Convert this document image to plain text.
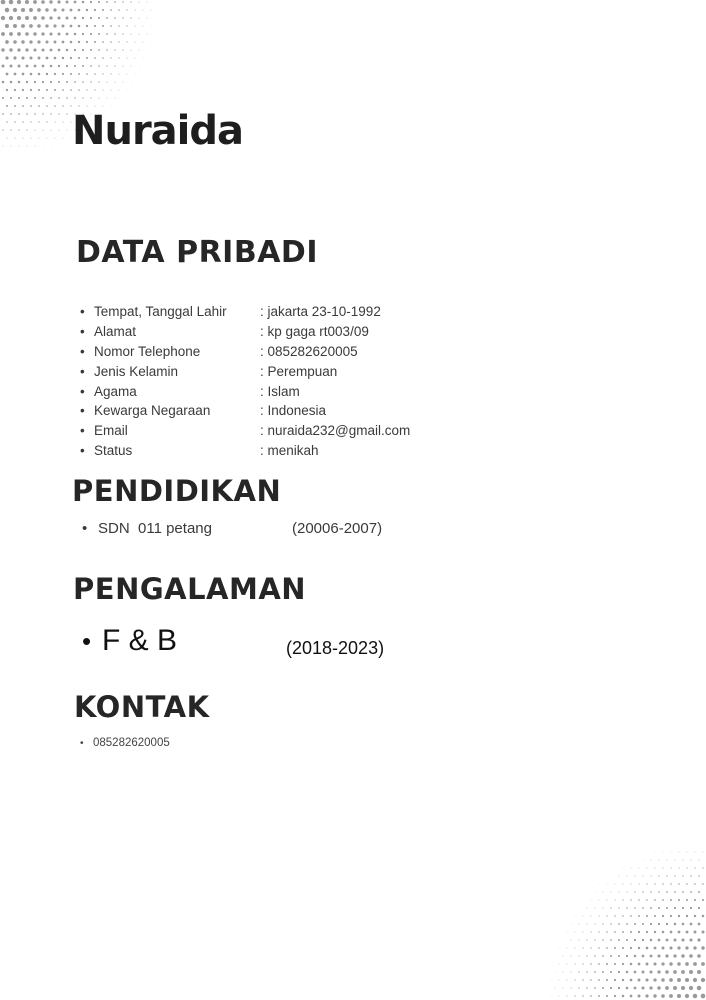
Nuraida
DATA PRIBADI
• Tempat, Tanggal Lahir : jakarta 23-10-1992
• Alamat	: kp gaga rt003/09
• Nomor Telephone	: 085282620005
• Jenis Kelamin	: Perempuan
• Agama	: Islam
• Kewarga Negaraan	: Indonesia
• Email	: nuraida232@gmail.com
• Status	: menikah
PENDIDIKAN
• SDN  011 petang	(20006-2007)
PENGALAMAN
• F & B	(2018-2023)
KONTAK
• 085282620005
